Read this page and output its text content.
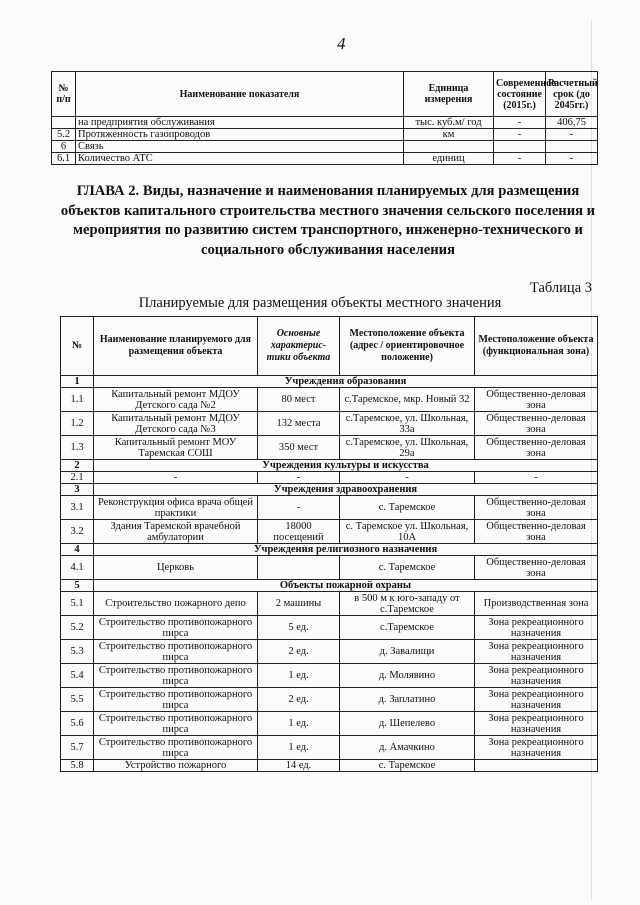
4
№ п/п	Наименование показателя	Единица измерения	Современное состояние (2015г.)	Расчетный срок (до 2045гг.)
	на предприятия обслуживания	тыс. куб.м/ год	-	406,75
5.2	Протяженность газопроводов	км	-	-
6	Связь			
6.1	Количество АТС	единиц	-	-
ГЛАВА 2. Виды, назначение и наименования планируемых для размещения объектов капитального строительства местного значения сельского поселения и мероприятия по развитию систем транспортного, инженерно-технического и социального обслуживания населения
Таблица 3
Планируемые для размещения объекты местного значения
№	Наименование планируемого для размещения объекта	Основные характерис-тики объекта	Местоположение объекта (адрес / ориентировочное положение)	Местоположение объекта (функциональная зона)
1	Учреждения образования			
1.1	Капитальный ремонт МДОУ Детского сада №2	80 мест	с.Таремское, мкр. Новый 32	Общественно-деловая зона
1.2	Капитальный ремонт МДОУ Детского сада №3	132 места	с.Таремское, ул. Школьная, 33а	Общественно-деловая зона
1.3	Капитальный ремонт МОУ Таремская СОШ	350 мест	с.Таремское, ул. Школьная, 29а	Общественно-деловая зона
2	Учреждения культуры и искусства			
2.1	-	-	-	-
3	Учреждения здравоохранения			
3.1	Реконструкция офиса врача общей практики	-	с. Таремское	Общественно-деловая зона
3.2	Здания Таремской врачебной амбулатории	18000 посещений	с. Таремское ул. Школьная, 10А	Общественно-деловая зона
4	Учреждения религиозного назначения			
4.1	Церковь		с. Таремское	Общественно-деловая зона
5	Объекты пожарной охраны			
5.1	Строительство пожарного депо	2 машины	в 500 м к юго-западу от с.Таремское	Производственная зона
5.2	Строительство противопожарного пирса	5 ед.	с.Таремское	Зона рекреационного назначения
5.3	Строительство противопожарного пирса	2 ед.	д. Завалищи	Зона рекреационного назначения
5.4	Строительство противопожарного пирса	1 ед.	д. Молявино	Зона рекреационного назначения
5.5	Строительство противопожарного пирса	2 ед.	д. Заплатино	Зона рекреационного назначения
5.6	Строительство противопожарного пирса	1 ед.	д. Шепелево	Зона рекреационного назначения
5.7	Строительство противопожарного пирса	1 ед.	д. Амачкино	Зона рекреационного назначения
5.8	Устройство пожарного	14 ед.	с. Таремское	
